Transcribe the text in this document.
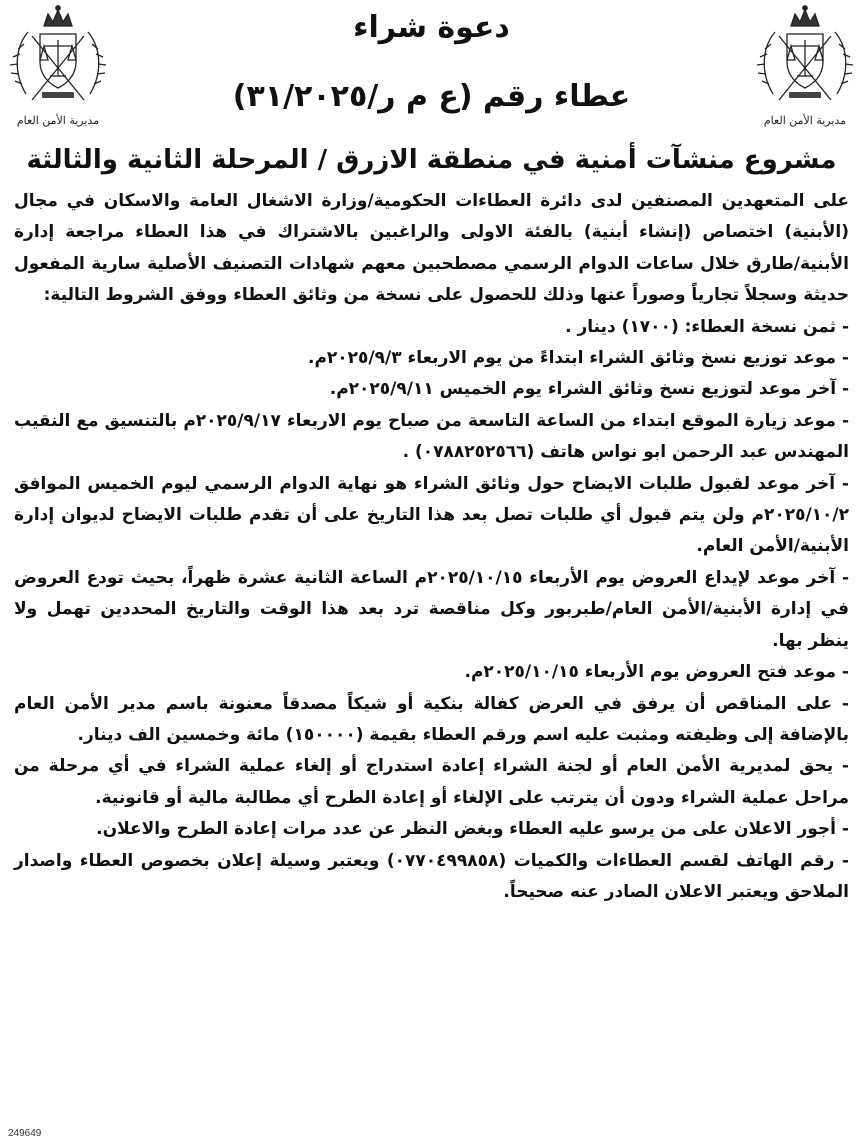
مديرية الأمن العام	مديرية الأمن العام
دعوة شراء
عطاء رقم (ع م ر/٣١/٢٠٢٥)
مشروع منشآت أمنية في منطقة الازرق / المرحلة الثانية والثالثة

على المتعهدين المصنفين لدى دائرة العطاءات الحكومية/وزارة الاشغال العامة والاسكان في مجال (الأبنية) اختصاص (إنشاء أبنية) بالفئة الاولى والراغبين بالاشتراك في هذا العطاء مراجعة إدارة الأبنية/طارق خلال ساعات الدوام الرسمي مصطحبين معهم شهادات التصنيف الأصلية سارية المفعول حديثة وسجلاً تجارياً وصوراً عنها وذلك للحصول على نسخة من وثائق العطاء ووفق الشروط التالية:

- ثمن نسخة العطاء: (١٧٠٠) دينار .

- موعد توزيع نسخ وثائق الشراء ابتداءً من يوم الاربعاء ٢٠٢٥/٩/٣م.

- آخر موعد لتوزيع نسخ وثائق الشراء يوم الخميس ٢٠٢٥/٩/١١م.

- موعد زيارة الموقع ابتداء من الساعة التاسعة من صباح يوم الاربعاء ٢٠٢٥/٩/١٧م بالتنسيق مع النقيب المهندس عبد الرحمن ابو نواس هاتف (٠٧٨٨٢٥٢٥٦٦) .

- آخر موعد لقبول طلبات الايضاح حول وثائق الشراء هو نهاية الدوام الرسمي ليوم الخميس الموافق ٢٠٢٥/١٠/٢م ولن يتم قبول أي طلبات تصل بعد هذا التاريخ على أن تقدم طلبات الايضاح لديوان إدارة الأبنية/الأمن العام.

- آخر موعد لإيداع العروض يوم الأربعاء ٢٠٢٥/١٠/١٥م الساعة الثانية عشرة ظهراً، بحيث تودع العروض في إدارة الأبنية/الأمن العام/طبربور وكل مناقصة ترد بعد هذا الوقت والتاريخ المحددين تهمل ولا ينظر بها.

- موعد فتح العروض يوم الأربعاء ٢٠٢٥/١٠/١٥م.

- على المناقص أن يرفق في العرض كفالة بنكية أو شيكاً مصدقاً معنونة باسم مدير الأمن العام بالإضافة إلى وظيفته ومثبت عليه اسم ورقم العطاء بقيمة (١٥٠٠٠٠) مائة وخمسين الف دينار.

- يحق لمديرية الأمن العام أو لجنة الشراء إعادة استدراج أو إلغاء عملية الشراء في أي مرحلة من مراحل عملية الشراء ودون أن يترتب على الإلغاء أو إعادة الطرح أي مطالبة مالية أو قانونية.

- أجور الاعلان على من يرسو عليه العطاء وبغض النظر عن عدد مرات إعادة الطرح والاعلان.

- رقم الهاتف لقسم العطاءات والكميات (٠٧٧٠٤٩٩٨٥٨) ويعتبر وسيلة إعلان بخصوص العطاء واصدار الملاحق ويعتبر الاعلان الصادر عنه صحيحاً.

249649
